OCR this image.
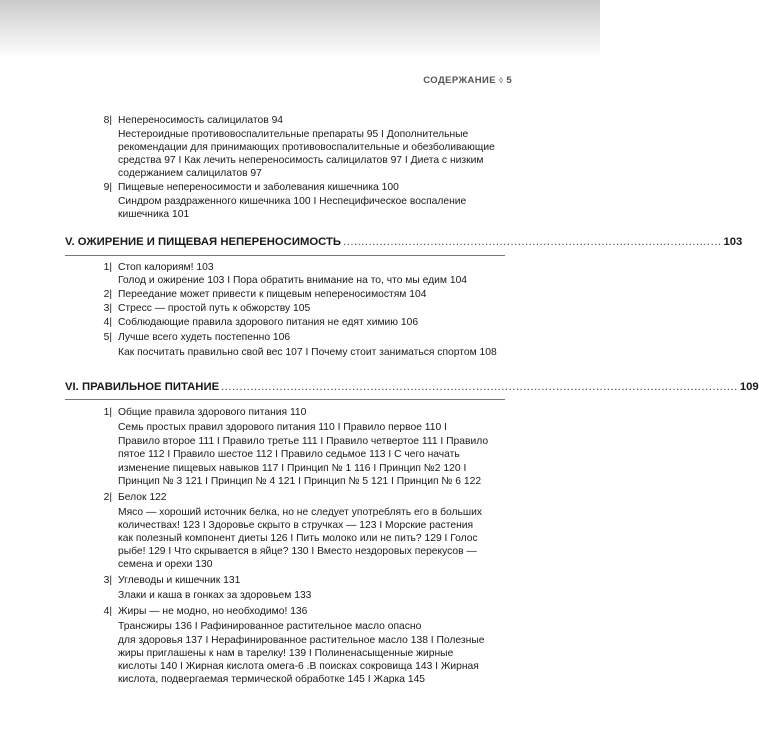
СОДЕРЖАНИЕ ◊ 5
8| Непереносимость салицилатов 94
Нестероидные противовоспалительные препараты 95 I Дополнительные
рекомендации для принимающих противовоспалительные и обезболивающие
средства 97 I Как лечить непереносимость салицилатов 97 I Диета с низким
содержанием салицилатов 97
9| Пищевые непереносимости и заболевания кишечника 100
Синдром раздраженного кишечника 100 I Неспецифическое воспаление
кишечника 101
V. ОЖИРЕНИЕ И ПИЩЕВАЯ НЕПЕРЕНОСИМОСТЬ ........................................................................................................ 103
1| Стоп калориям! 103
Голод и ожирение 103 I Пора обратить внимание на то, что мы едим 104
2| Переедание может привести к пищевым непереносимостям 104
3| Стресс — простой путь к обжорству 105
4| Соблюдающие правила здорового питания не едят химию 106
5| Лучше всего худеть постепенно 106
Как посчитать правильно свой вес 107 I Почему стоит заниматься спортом 108
VI. ПРАВИЛЬНОЕ ПИТАНИЕ .............................................................................................................................................. 109
1| Общие правила здорового питания 110
Семь простых правил здорового питания 110 I Правило первое 110 I
Правило второе 111 I Правило третье 111 I Правило четвертое 111 I Правило
пятое 112 I Правило шестое 112 I Правило седьмое 113 I С чего начать
изменение пищевых навыков 117 I Принцип № 1 116 I Принцип №2 120 I
Принцип № 3 121 I Принцип № 4 121 I Принцип № 5 121 I Принцип № 6 122
2| Белок 122
Мясо — хороший источник белка, но не следует употреблять его в больших
количествах! 123 I Здоровье скрыто в стручках — 123 I Морские растения
как полезный компонент диеты 126 I Пить молоко или не пить? 129 I Голос
рыбе! 129 I Что скрывается в яйце? 130 I Вместо нездоровых перекусов —
семена и орехи 130
3| Углеводы и кишечник 131
Злаки и каша в гонках за здоровьем 133
4| Жиры — не модно, но необходимо! 136
Трансжиры 136 I Рафинированное растительное масло опасно
для здоровья 137 I Нерафинированное растительное масло 138 I Полезные
жиры приглашены к нам в тарелку! 139 I Полиненасыщенные жирные
кислоты 140 I Жирная кислота омега-6 .В поисках сокровища 143 I Жирная
кислота, подвергаемая термической обработке 145 I Жарка 145
